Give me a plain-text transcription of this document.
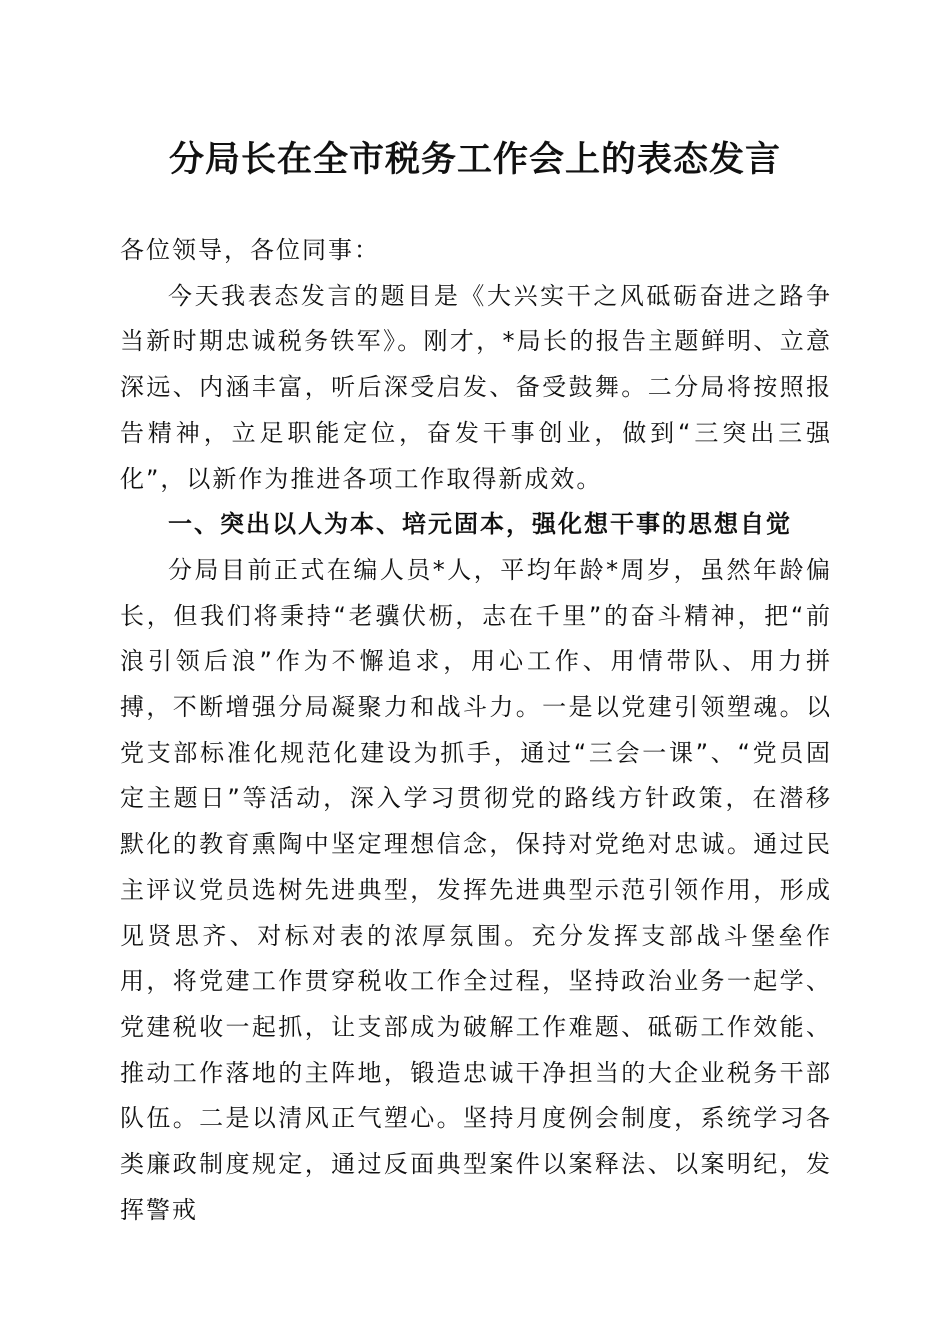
分局长在全市税务工作会上的表态发言

各位领导，各位同事：

今天我表态发言的题目是《大兴实干之风砥砺奋进之路争当新时期忠诚税务铁军》。刚才，*局长的报告主题鲜明、立意深远、内涵丰富，听后深受启发、备受鼓舞。二分局将按照报告精神，立足职能定位，奋发干事创业，做到“三突出三强化”，以新作为推进各项工作取得新成效。

一、突出以人为本、培元固本，强化想干事的思想自觉

分局目前正式在编人员*人，平均年龄*周岁，虽然年龄偏长，但我们将秉持“老骥伏枥，志在千里”的奋斗精神，把“前浪引领后浪”作为不懈追求，用心工作、用情带队、用力拼搏，不断增强分局凝聚力和战斗力。一是以党建引领塑魂。以党支部标准化规范化建设为抓手，通过“三会一课”、“党员固定主题日”等活动，深入学习贯彻党的路线方针政策，在潜移默化的教育熏陶中坚定理想信念，保持对党绝对忠诚。通过民主评议党员选树先进典型，发挥先进典型示范引领作用，形成见贤思齐、对标对表的浓厚氛围。充分发挥支部战斗堡垒作用，将党建工作贯穿税收工作全过程，坚持政治业务一起学、党建税收一起抓，让支部成为破解工作难题、砥砺工作效能、推动工作落地的主阵地，锻造忠诚干净担当的大企业税务干部队伍。二是以清风正气塑心。坚持月度例会制度，系统学习各类廉政制度规定，通过反面典型案件以案释法、以案明纪，发挥警戒
